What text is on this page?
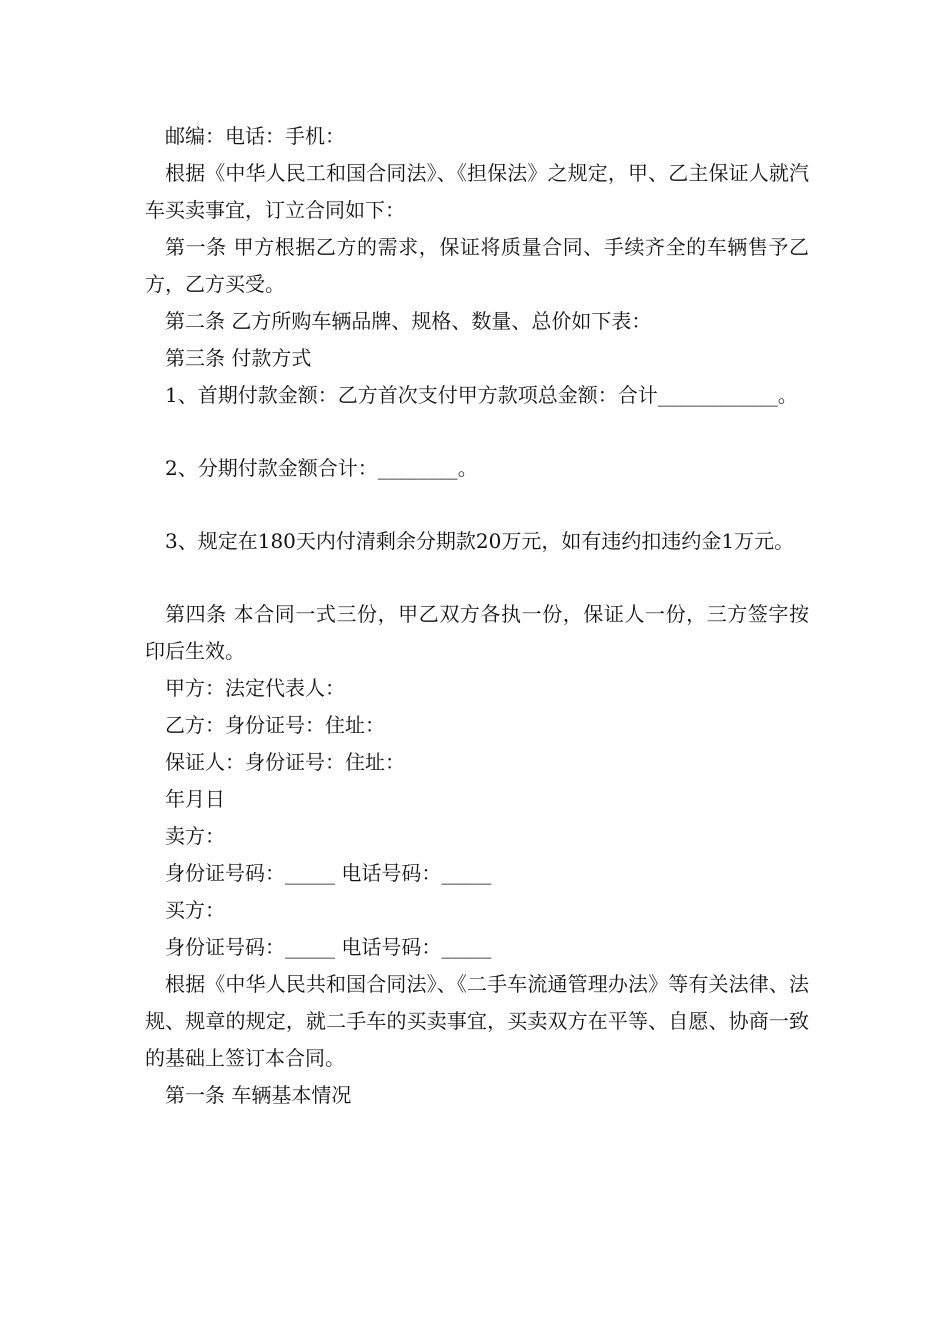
邮编：电话：手机：

根据《中华人民工和国合同法》、《担保法》之规定，甲、乙主保证人就汽车买卖事宜，订立合同如下：

第一条 甲方根据乙方的需求，保证将质量合同、手续齐全的车辆售予乙方，乙方买受。

第二条 乙方所购车辆品牌、规格、数量、总价如下表：

第三条 付款方式

1、首期付款金额：乙方首次支付甲方款项总金额：合计____________。

2、分期付款金额合计：________。

3、规定在180天内付清剩余分期款20万元，如有违约扣违约金1万元。

第四条 本合同一式三份，甲乙双方各执一份，保证人一份，三方签字按印后生效。

甲方：法定代表人：

乙方：身份证号：住址：

保证人：身份证号：住址：

年月日

卖方：

身份证号码：_____ 电话号码：_____

买方：

身份证号码：_____ 电话号码：_____

根据《中华人民共和国合同法》、《二手车流通管理办法》等有关法律、法规、规章的规定，就二手车的买卖事宜，买卖双方在平等、自愿、协商一致的基础上签订本合同。

第一条 车辆基本情况
